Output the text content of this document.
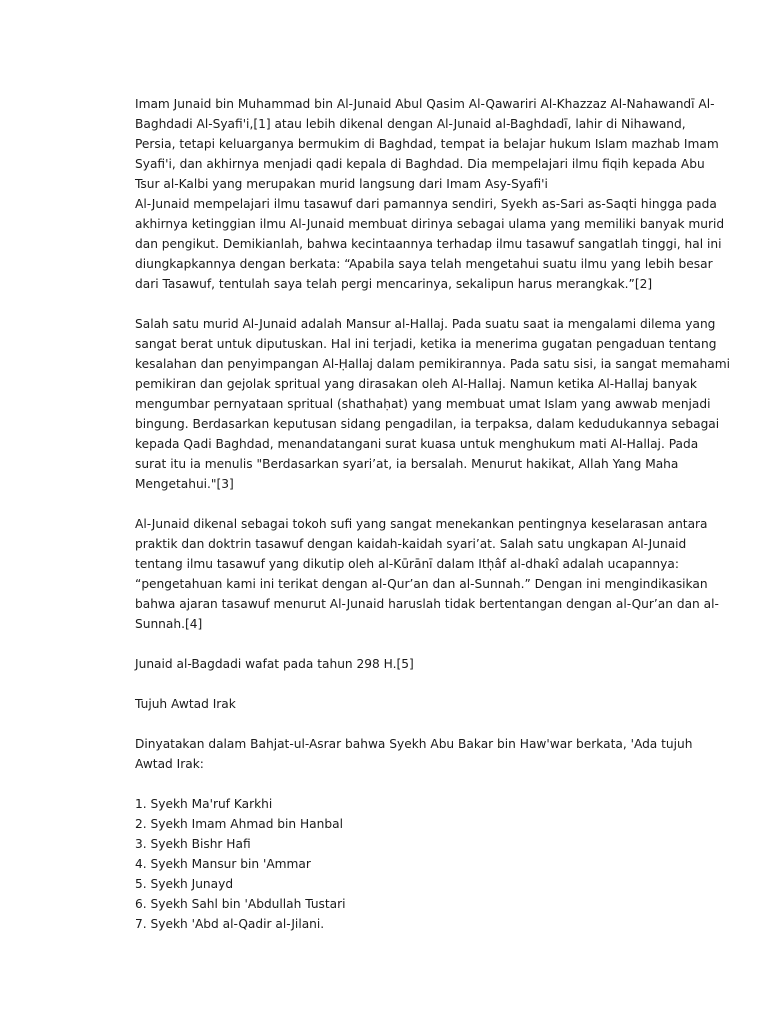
Imam Junaid bin Muhammad bin Al-Junaid Abul Qasim Al-Qawariri Al-Khazzaz Al-Nahawandī Al-
Baghdadi Al-Syafi'i,[1] atau lebih dikenal dengan Al-Junaid al-Baghdadī, lahir di Nihawand,
Persia, tetapi keluarganya bermukim di Baghdad, tempat ia belajar hukum Islam mazhab Imam
Syafi'i, dan akhirnya menjadi qadi kepala di Baghdad. Dia mempelajari ilmu fiqih kepada Abu
Tsur al-Kalbi yang merupakan murid langsung dari Imam Asy-Syafi'i
Al-Junaid mempelajari ilmu tasawuf dari pamannya sendiri, Syekh as-Sari as-Saqti hingga pada
akhirnya ketinggian ilmu Al-Junaid membuat dirinya sebagai ulama yang memiliki banyak murid
dan pengikut. Demikianlah, bahwa kecintaannya terhadap ilmu tasawuf sangatlah tinggi, hal ini
diungkapkannya dengan berkata: “Apabila saya telah mengetahui suatu ilmu yang lebih besar
dari Tasawuf, tentulah saya telah pergi mencarinya, sekalipun harus merangkak.”[2]
Salah satu murid Al-Junaid adalah Mansur al-Hallaj. Pada suatu saat ia mengalami dilema yang
sangat berat untuk diputuskan. Hal ini terjadi, ketika ia menerima gugatan pengaduan tentang
kesalahan dan penyimpangan Al-Ḥallaj dalam pemikirannya. Pada satu sisi, ia sangat memahami
pemikiran dan gejolak spritual yang dirasakan oleh Al-Hallaj. Namun ketika Al-Hallaj banyak
mengumbar pernyataan spritual (shathaḥat) yang membuat umat Islam yang awwab menjadi
bingung. Berdasarkan keputusan sidang pengadilan, ia terpaksa, dalam kedudukannya sebagai
kepada Qadi Baghdad, menandatangani surat kuasa untuk menghukum mati Al-Hallaj. Pada
surat itu ia menulis "Berdasarkan syari’at, ia bersalah. Menurut hakikat, Allah Yang Maha
Mengetahui."[3]
Al-Junaid dikenal sebagai tokoh sufi yang sangat menekankan pentingnya keselarasan antara
praktik dan doktrin tasawuf dengan kaidah-kaidah syari’at. Salah satu ungkapan Al-Junaid
tentang ilmu tasawuf yang dikutip oleh al-Kūrānī dalam Itḥâf al-dhakî adalah ucapannya:
“pengetahuan kami ini terikat dengan al-Qur’an dan al-Sunnah.” Dengan ini mengindikasikan
bahwa ajaran tasawuf menurut Al-Junaid haruslah tidak bertentangan dengan al-Qur’an dan al-
Sunnah.[4]
Junaid al-Bagdadi wafat pada tahun 298 H.[5]
Tujuh Awtad Irak
Dinyatakan dalam Bahjat-ul-Asrar bahwa Syekh Abu Bakar bin Haw'war berkata, 'Ada tujuh
Awtad Irak:
1. Syekh Ma'ruf Karkhi
2. Syekh Imam Ahmad bin Hanbal
3. Syekh Bishr Hafi
4. Syekh Mansur bin 'Ammar
5. Syekh Junayd
6. Syekh Sahl bin 'Abdullah Tustari
7. Syekh 'Abd al-Qadir al-Jilani.
